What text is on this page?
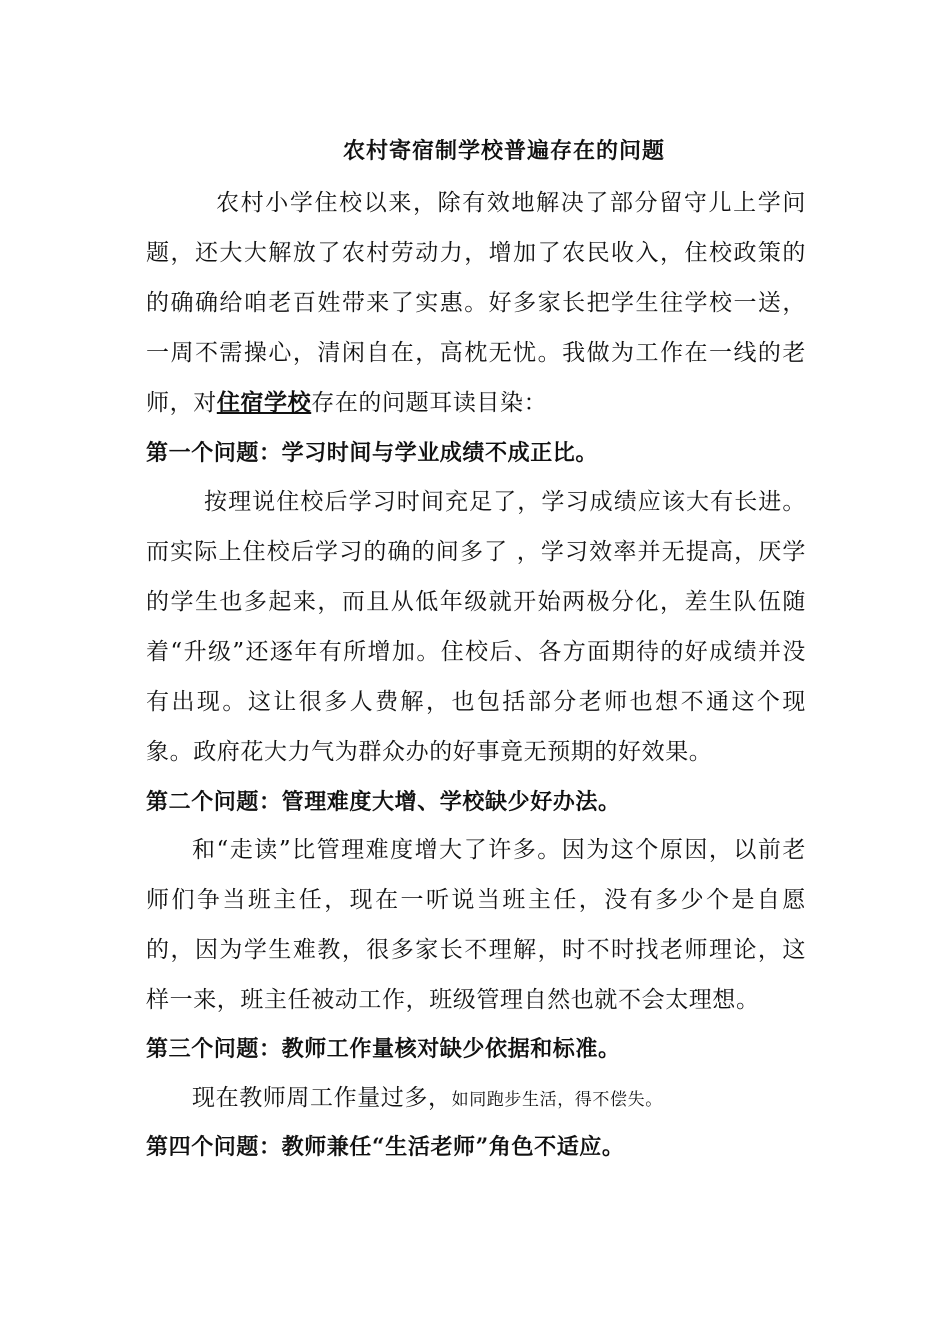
农村寄宿制学校普遍存在的问题
农村小学住校以来，除有效地解决了部分留守儿上学问题，还大大解放了农村劳动力，增加了农民收入，住校政策的的确确给咱老百姓带来了实惠。好多家长把学生往学校一送，一周不需操心，清闲自在，高枕无忧。我做为工作在一线的老师，对住宿学校存在的问题耳读目染：
第一个问题：学习时间与学业成绩不成正比。
按理说住校后学习时间充足了，学习成绩应该大有长进。而实际上住校后学习的确的间多了 ，学习效率并无提高，厌学的学生也多起来，而且从低年级就开始两极分化，差生队伍随着“升级”还逐年有所增加。住校后、各方面期待的好成绩并没有出现。这让很多人费解，也包括部分老师也想不通这个现象。政府花大力气为群众办的好事竟无预期的好效果。
第二个问题：管理难度大增、学校缺少好办法。
和“走读”比管理难度增大了许多。因为这个原因，以前老师们争当班主任，现在一听说当班主任，没有多少个是自愿的，因为学生难教，很多家长不理解，时不时找老师理论，这样一来，班主任被动工作，班级管理自然也就不会太理想。
第三个问题：教师工作量核对缺少依据和标准。
现在教师周工作量过多，如同跑步生活，得不偿失。
第四个问题：教师兼任“生活老师”角色不适应。
